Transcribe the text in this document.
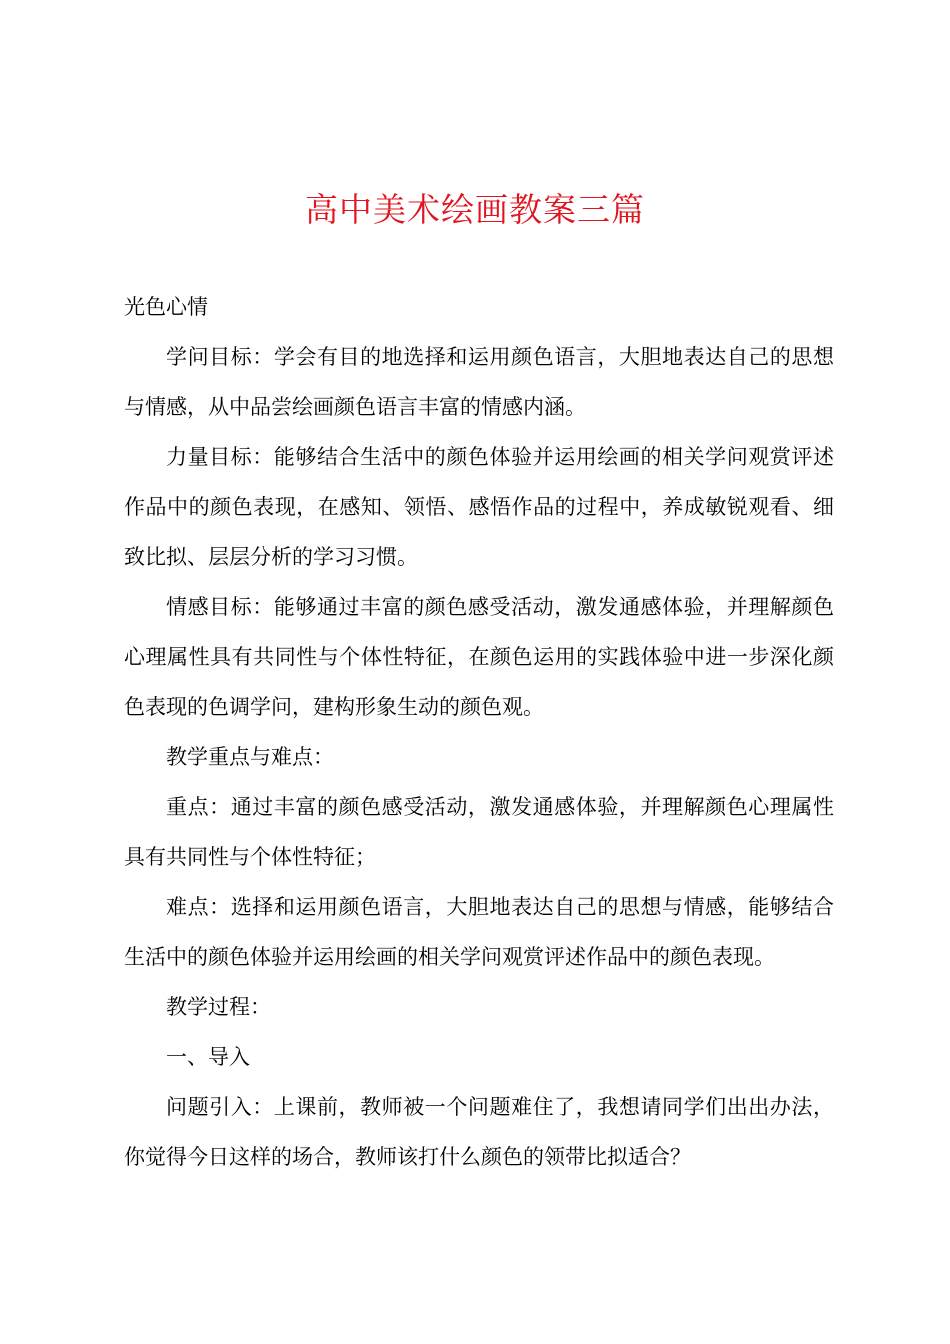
高中美术绘画教案三篇

光色心情

学问目标：学会有目的地选择和运用颜色语言，大胆地表达自己的思想与情感，从中品尝绘画颜色语言丰富的情感内涵。

力量目标：能够结合生活中的颜色体验并运用绘画的相关学问观赏评述作品中的颜色表现，在感知、领悟、感悟作品的过程中，养成敏锐观看、细致比拟、层层分析的学习习惯。

情感目标：能够通过丰富的颜色感受活动，激发通感体验，并理解颜色心理属性具有共同性与个体性特征，在颜色运用的实践体验中进一步深化颜色表现的色调学问，建构形象生动的颜色观。

教学重点与难点：

重点：通过丰富的颜色感受活动，激发通感体验，并理解颜色心理属性具有共同性与个体性特征；

难点：选择和运用颜色语言，大胆地表达自己的思想与情感，能够结合生活中的颜色体验并运用绘画的相关学问观赏评述作品中的颜色表现。

教学过程：

一、导入

问题引入：上课前，教师被一个问题难住了，我想请同学们出出办法，你觉得今日这样的场合，教师该打什么颜色的领带比拟适合？
